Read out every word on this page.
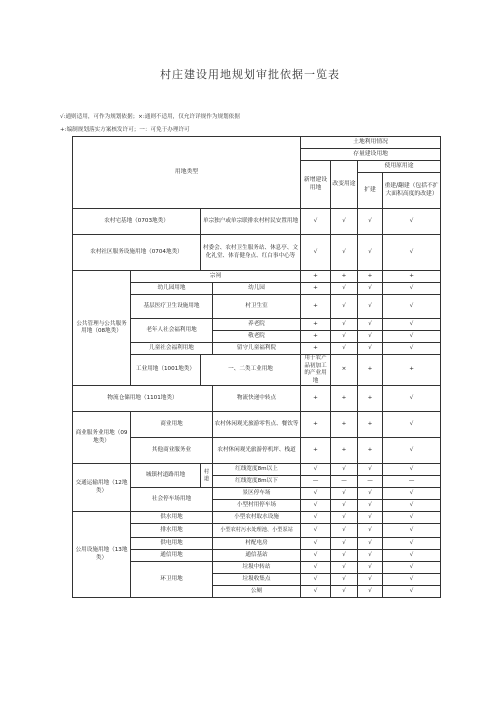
村庄建设用地规划审批依据一览表
√:通则适用，可作为规划依据；×:通则不适用，仅允许详规作为规划依据
+:编制规划落实方案核发许可；一：可免于办理许可
用地类型				土地利用情况				
				存量建设用地				
				新增建设用地	改变用途	使用原用途		
						扩建	重建/翻建（包括不扩大面积高度的改建）	

农村宅基地（0703地类）		单宗独户或单宗联排农村村民安置用地		√	√	√	√	
农村社区服务设施用地（0704地类）		村委会、农村卫生服务站、休息亭、文化礼堂、体育健身点、红白事中心等		√	√	√	√	
公共管理与公共服务用地（08地类）	宗祠			+	+	+	+	
	幼儿园用地		幼儿园	+	√	√	√	
	基层医疗卫生设施用地		村卫生室	+	√	√	√	
	老年人社会福利用地		养老院	+	√	√	√	
			敬老院	+	√	√	√	
	儿童社会福利用地		留守儿童福利院	+	√	√	√	
	工业用地（1001地类）	一、二类工业用地		用于农产品初加工的产业用地	×	+	+	
物流仓储用地（1101地类）			物流快递中转点	+	+	+	√	
商业服务业用地（09地类）	商业用地		农村休闲观光旅游零售点、餐饮等	+	+	+	√	
	其他商业服务业		农村休闲观光旅游停机坪、栈道	+	+	+	√	
交通运输用地（12地类）	城镇村道路用地	村道	红线宽度8m以上	√	√	√	√	
			红线宽度8m以下	—	—	—	—	
	社会停车场用地		景区停车场	√	√	√	√	
			小型村用停车场	√	√	√	√	
公用设施用地（13地类）	供水用地		小型农村取水设施	√	√	√	√	
	排水用地		小型农村污水处理池、小型泵站	√	√	√	√	
	供电用地		村配电房	√	√	√	√	
	通信用地		通信基站	√	√	√	√	
	环卫用地		垃圾中转站	√	√	√	√	
			垃圾收集点	√	√	√	√	
			公厕	√	√	√	√	
